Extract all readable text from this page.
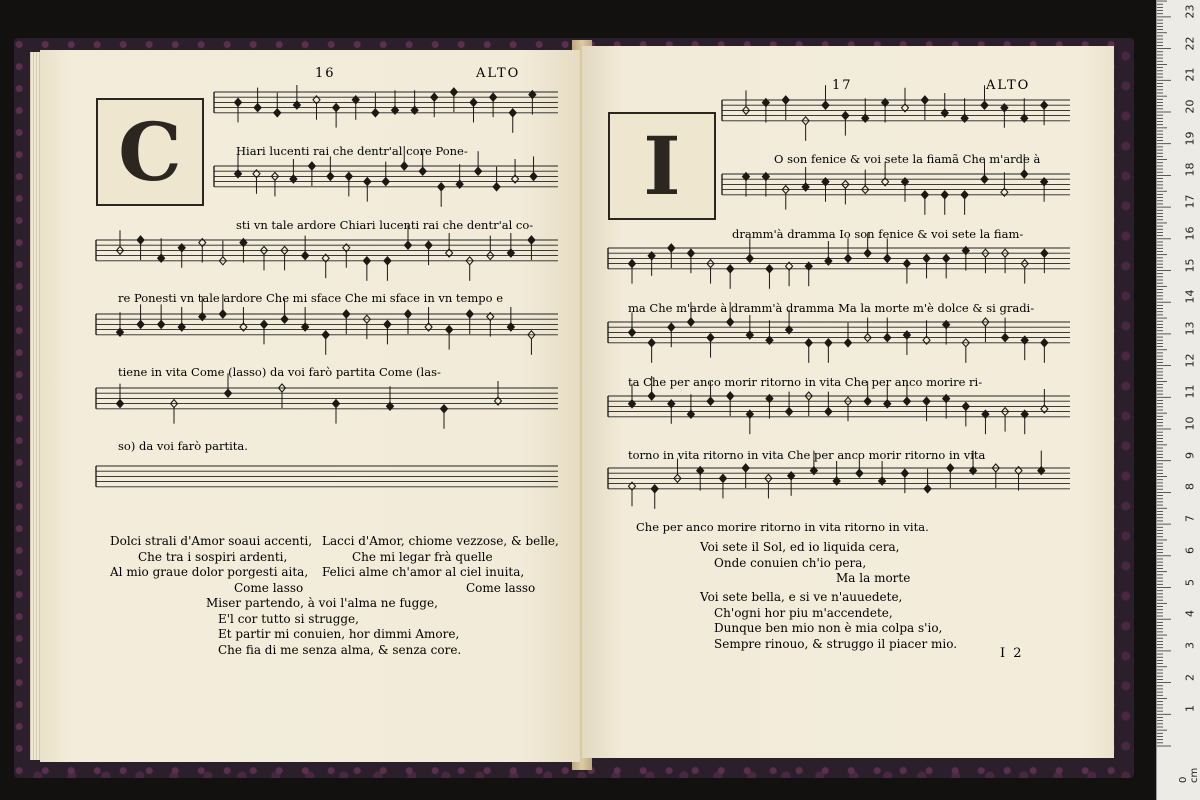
16	ALTO
C	Hiari lucenti rai che dentr'al core Pone-
sti vn tale ardore Chiari lucenti rai che dentr'al co-
re Ponesti vn tale ardore Che mi sface Che mi sface in vn tempo e
tiene in vita Come (lasso) da voi farò partita Come (las-
so) da voi farò partita.
Dolci strali d'Amor soaui accenti,
Che tra i sospiri ardenti,
Al mio graue dolor porgesti aita,
Come lasso
Lacci d'Amor, chiome vezzose, & belle,
Che mi legar frà quelle
Felici alme ch'amor al ciel inuita,
Come lasso
Miser partendo, à voi l'alma ne fugge,
E'l cor tutto si strugge,
Et partir mi conuien, hor dimmi Amore,
Che fia di me senza alma, & senza core.
17	ALTO
I	O son fenice & voi sete la fiamã Che m'arde à
dramm'à dramma Io son fenice & voi sete la fiam-
ma Che m'arde à dramm'à dramma Ma la morte m'è dolce & si gradi-
ta Che per anco morir ritorno in vita Che per anco morire ri-
torno in vita ritorno in vita Che per anco morir ritorno in vita
Che per anco morire ritorno in vita ritorno in vita.
Voi sete il Sol, ed io liquida cera,
Onde conuien ch'io pera,
Ma la morte
Voi sete bella, e si ve n'auuedete,
Ch'ogni hor piu m'accendete,
Dunque ben mio non è mia colpa s'io,
Sempre rinouo, & struggo il piacer mio.
I 2
1
2
3
4
5
6
7
8
9
10
11
12
13
14
15
16
17
18
19
20
21
22
23
0 cm
